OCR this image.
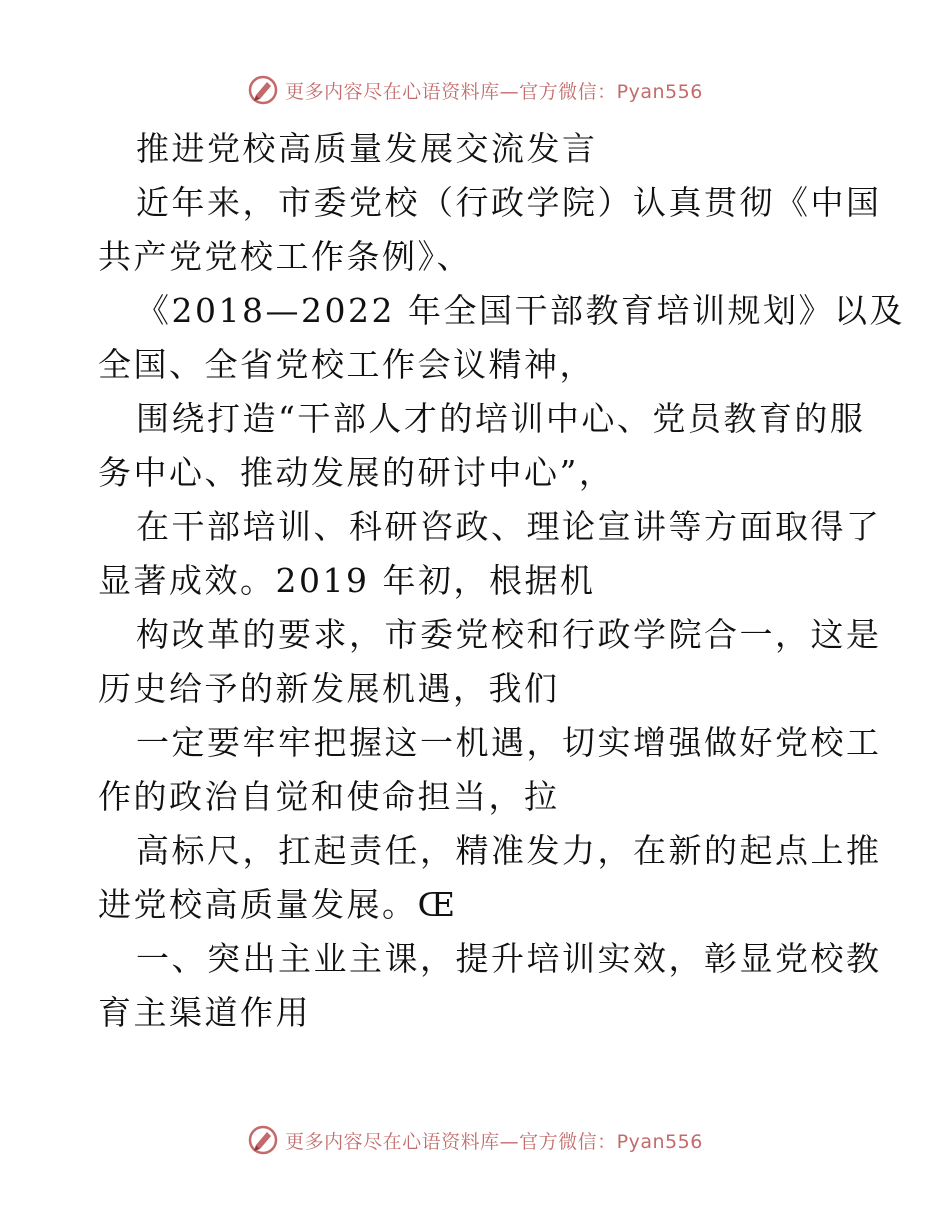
更多内容尽在心语资料库—官方微信：Pyan556
推进党校高质量发展交流发言
近年来，市委党校（行政学院）认真贯彻《中国
共产党党校工作条例》、
《2018—2022 年全国干部教育培训规划》以及
全国、全省党校工作会议精神，
围绕打造“干部人才的培训中心、党员教育的服
务中心、推动发展的研讨中心”，
在干部培训、科研咨政、理论宣讲等方面取得了
显著成效。2019 年初，根据机
构改革的要求，市委党校和行政学院合一，这是
历史给予的新发展机遇，我们
一定要牢牢把握这一机遇，切实增强做好党校工
作的政治自觉和使命担当，拉
高标尺，扛起责任，精准发力，在新的起点上推
进党校高质量发展。Œ
一、突出主业主课，提升培训实效，彰显党校教
育主渠道作用
更多内容尽在心语资料库—官方微信：Pyan556
